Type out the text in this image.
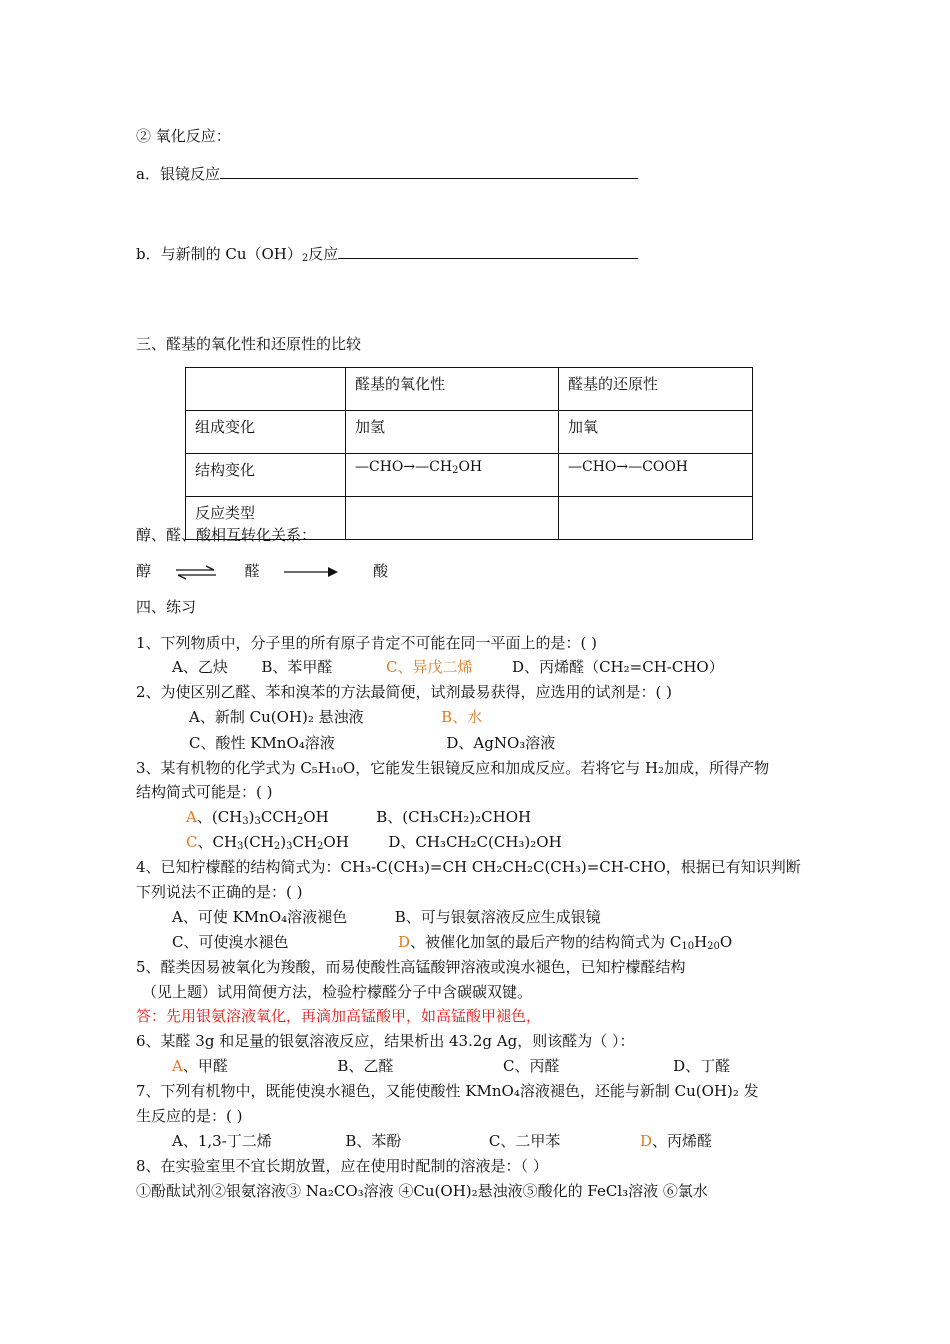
② 氧化反应：
a．银镜反应
b．与新制的 $Cu(OH)_2$反应
三、醛基的氧化性和还原性的比较
	醛基的氧化性	醛基的还原性
组成变化	加氢	加氧
结构变化	$—CHO\to—CH_2OH$	—CHO→—COOH
反应类型		
醇、醛、酸相互转化关系：
醇	醛	酸
四、练习
1、下列物质中，分子里的所有原子肯定不可能在同一平面上的是：( )
A、乙炔 B、苯甲醛	C、异戊二烯	D、丙烯醛（CH₂=CH-CHO）
2、为使区别乙醛、苯和溴苯的方法最简便，试剂最易获得，应选用的试剂是：( )
A、新制 Cu(OH)₂ 悬浊液	B、水
C、酸性 KMnO₄溶液	D、AgNO₃溶液
3、某有机物的化学式为 C₅H₁₀O，它能发生银镜反应和加成反应。若将它与 H₂加成，所得产物
结构简式可能是：( )
A、$(CH_3)_3CCH_2OH$	B、(CH₃CH₂)₂CHOH
C、$CH_3(CH_2)_3CH_2OH$	D、CH₃CH₂C(CH₃)₂OH
4、已知柠檬醛的结构简式为：CH₃-C(CH₃)=CH CH₂CH₂C(CH₃)=CH-CHO，根据已有知识判断
下列说法不正确的是：( )
A、可使 KMnO₄溶液褪色	B、可与银氨溶液反应生成银镜
C、可使溴水褪色	D、被催化加氢的最后产物的结构简式为 $C_{10}H_{20}O$
5、醛类因易被氧化为羧酸，而易使酸性高锰酸钾溶液或溴水褪色，已知柠檬醛结构
（见上题）试用简便方法，检验柠檬醛分子中含碳碳双键。
答：先用银氨溶液氧化，再滴加高锰酸甲，如高锰酸甲褪色，
6、某醛 3g 和足量的银氨溶液反应，结果析出 43.2g Ag，则该醛为（ ）：
A、甲醛	B、乙醛	C、丙醛	D、丁醛
7、下列有机物中，既能使溴水褪色，又能使酸性 KMnO₄溶液褪色，还能与新制 Cu(OH)₂ 发
生反应的是：( )
A、1,3-丁二烯	B、苯酚	C、二甲苯	D、丙烯醛
8、在实验室里不宜长期放置，应在使用时配制的溶液是：（ ）
①酚酞试剂②银氨溶液③ Na₂CO₃溶液 ④Cu(OH)₂悬浊液⑤酸化的 FeCl₃溶液 ⑥氯水
